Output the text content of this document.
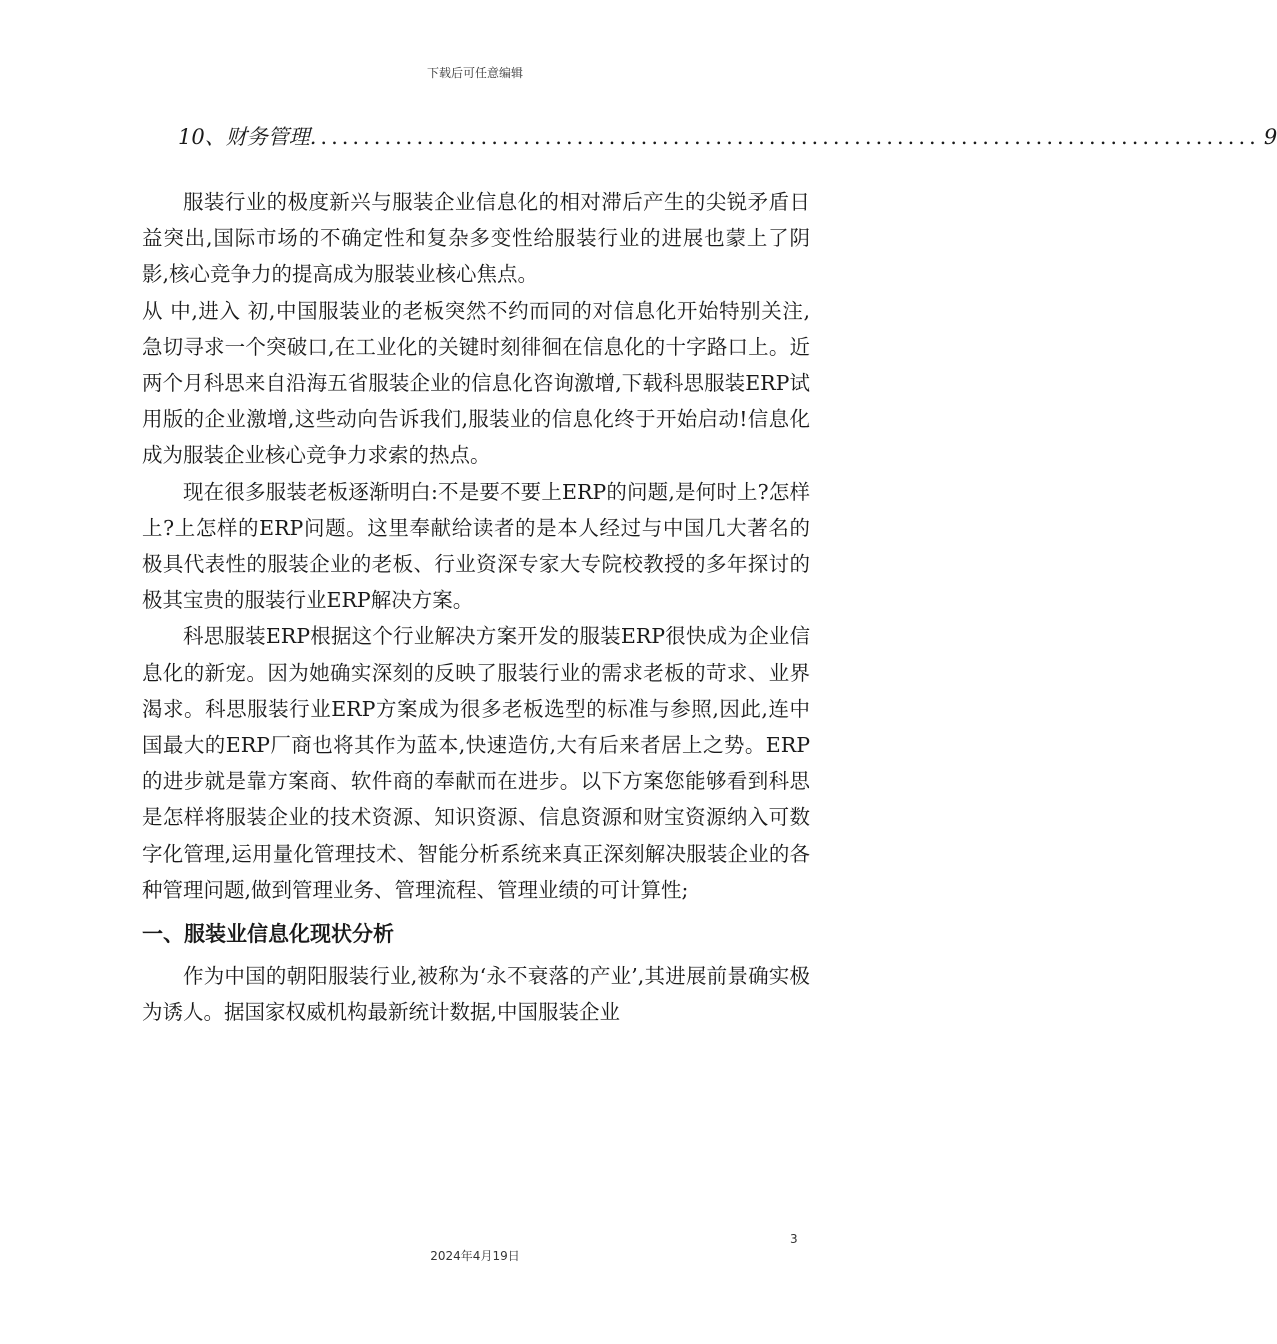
下载后可任意编辑
10、财务管理. ........................................................................................ 9

服装行业的极度新兴与服装企业信息化的相对滞后产生的尖锐矛盾日益突出,国际市场的不确定性和复杂多变性给服装行业的进展也蒙上了阴影,核心竞争力的提高成为服装业核心焦点。

从 中,进入 初,中国服装业的老板突然不约而同的对信息化开始特别关注,急切寻求一个突破口,在工业化的关键时刻徘徊在信息化的十字路口上。近两个月科思来自沿海五省服装企业的信息化咨询激增,下载科思服装ERP试用版的企业激增,这些动向告诉我们,服装业的信息化终于开始启动!信息化成为服装企业核心竞争力求索的热点。

现在很多服装老板逐渐明白:不是要不要上ERP的问题,是何时上?怎样上?上怎样的ERP问题。这里奉献给读者的是本人经过与中国几大著名的极具代表性的服装企业的老板、行业资深专家大专院校教授的多年探讨的极其宝贵的服装行业ERP解决方案。

科思服装ERP根据这个行业解决方案开发的服装ERP很快成为企业信息化的新宠。因为她确实深刻的反映了服装行业的需求老板的苛求、业界渴求。科思服装行业ERP方案成为很多老板选型的标准与参照,因此,连中国最大的ERP厂商也将其作为蓝本,快速造仿,大有后来者居上之势。ERP的进步就是靠方案商、软件商的奉献而在进步。以下方案您能够看到科思是怎样将服装企业的技术资源、知识资源、信息资源和财宝资源纳入可数字化管理,运用量化管理技术、智能分析系统来真正深刻解决服装企业的各种管理问题,做到管理业务、管理流程、管理业绩的可计算性;

一、服装业信息化现状分析

作为中国的朝阳服装行业,被称为‘永不衰落的产业’,其进展前景确实极为诱人。据国家权威机构最新统计数据,中国服装企业

3
2024年4月19日
